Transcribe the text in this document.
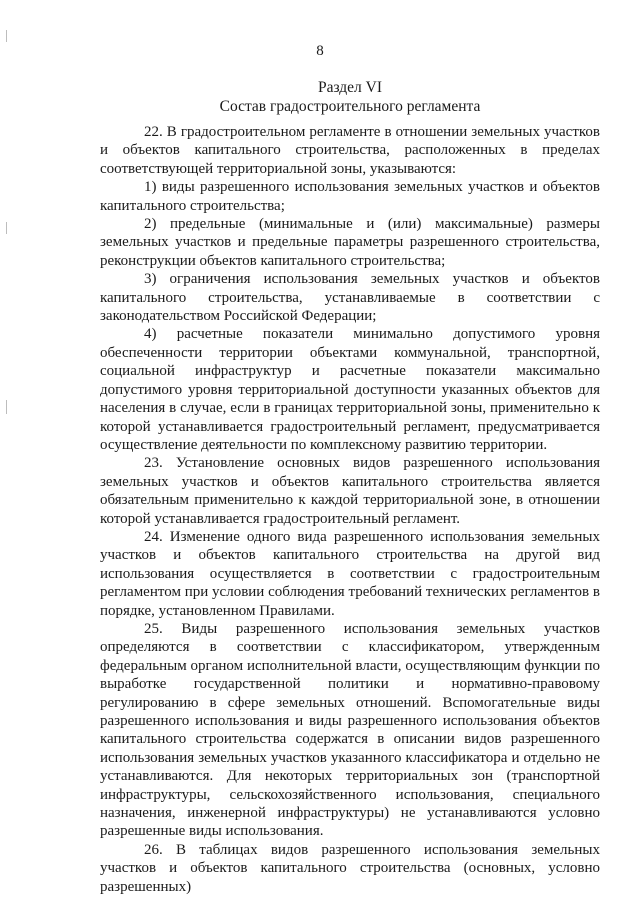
8
Раздел VI
Состав градостроительного регламента

22. В градостроительном регламенте в отношении земельных участков и объектов капитального строительства, расположенных в пределах соответствующей территориальной зоны, указываются:

1) виды разрешенного использования земельных участков и объектов капитального строительства;

2) предельные (минимальные и (или) максимальные) размеры земельных участков и предельные параметры разрешенного строительства, реконструкции объектов капитального строительства;

3) ограничения использования земельных участков и объектов капитального строительства, устанавливаемые в соответствии с законодательством Российской Федерации;

4) расчетные показатели минимально допустимого уровня обеспеченности территории объектами коммунальной, транспортной, социальной инфраструктур и расчетные показатели максимально допустимого уровня территориальной доступности указанных объектов для населения в случае, если в границах территориальной зоны, применительно к которой устанавливается градостроительный регламент, предусматривается осуществление деятельности по комплексному развитию территории.

23. Установление основных видов разрешенного использования земельных участков и объектов капитального строительства является обязательным применительно к каждой территориальной зоне, в отношении которой устанавливается градостроительный регламент.

24. Изменение одного вида разрешенного использования земельных участков и объектов капитального строительства на другой вид использования осуществляется в соответствии с градостроительным регламентом при условии соблюдения требований технических регламентов в порядке, установленном Правилами.

25. Виды разрешенного использования земельных участков определяются в соответствии с классификатором, утвержденным федеральным органом исполнительной власти, осуществляющим функции по выработке государственной политики и нормативно-правовому регулированию в сфере земельных отношений. Вспомогательные виды разрешенного использования и виды разрешенного использования объектов капитального строительства содержатся в описании видов разрешенного использования земельных участков указанного классификатора и отдельно не устанавливаются. Для некоторых территориальных зон (транспортной инфраструктуры, сельскохозяйственного использования, специального назначения, инженерной инфраструктуры) не устанавливаются условно разрешенные виды использования.

26. В таблицах видов разрешенного использования земельных участков и объектов капитального строительства (основных, условно разрешенных)
